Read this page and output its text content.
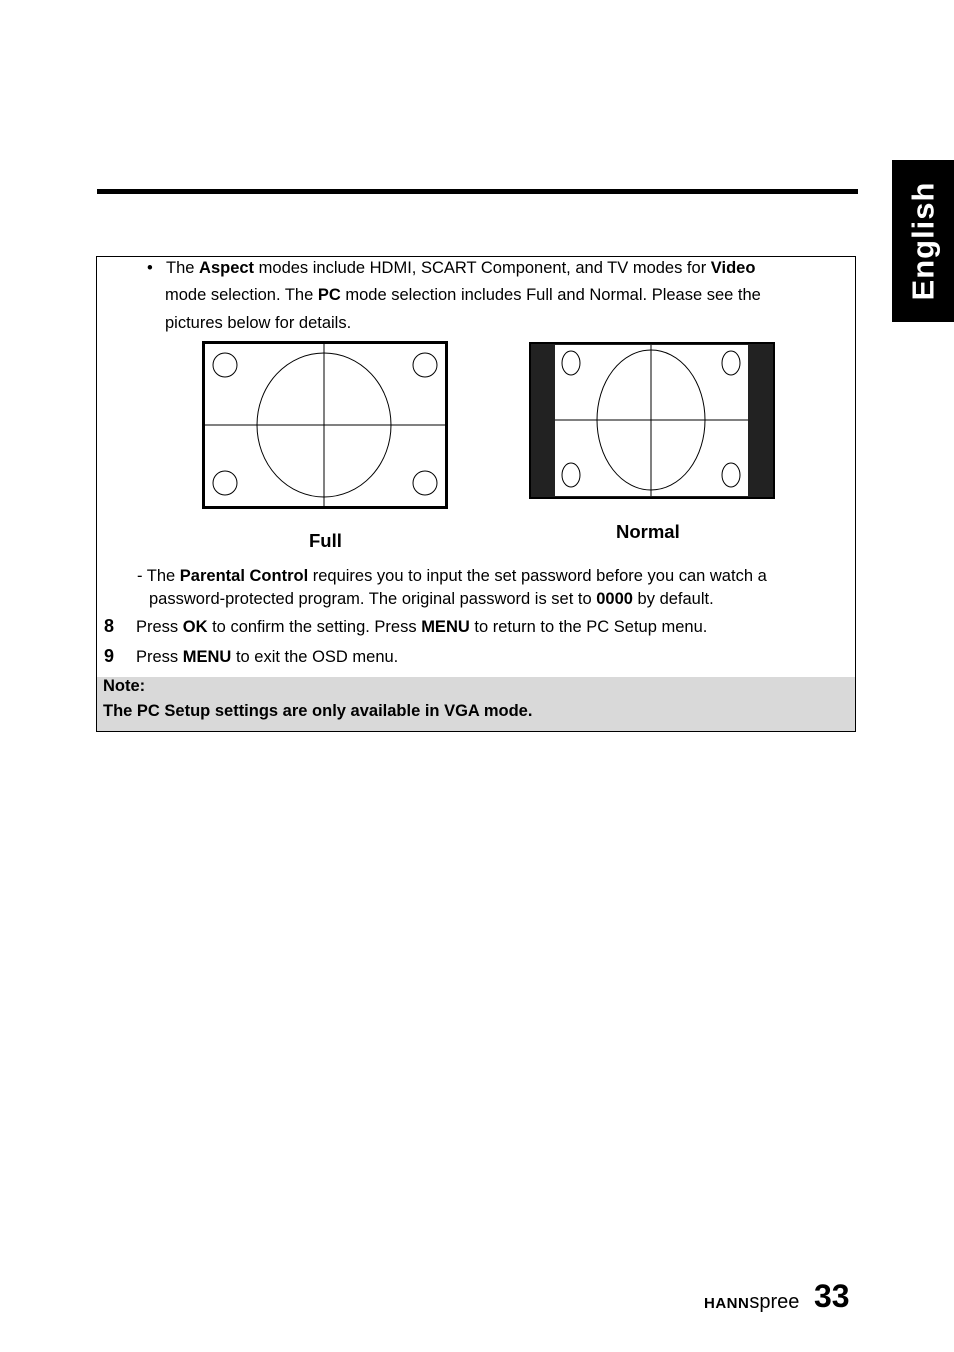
English
• The Aspect modes include HDMI, SCART Component, and TV modes for Video
mode selection. The PC mode selection includes Full and Normal. Please see the
pictures below for details.
Full	Normal
- The Parental Control requires you to input the set password before you can watch a
password-protected program. The original password is set to 0000 by default.
8 Press OK to confirm the setting. Press MENU to return to the PC Setup menu.
9 Press MENU to exit the OSD menu.
Note:
The PC Setup settings are only available in VGA mode.
HANNspree 33
